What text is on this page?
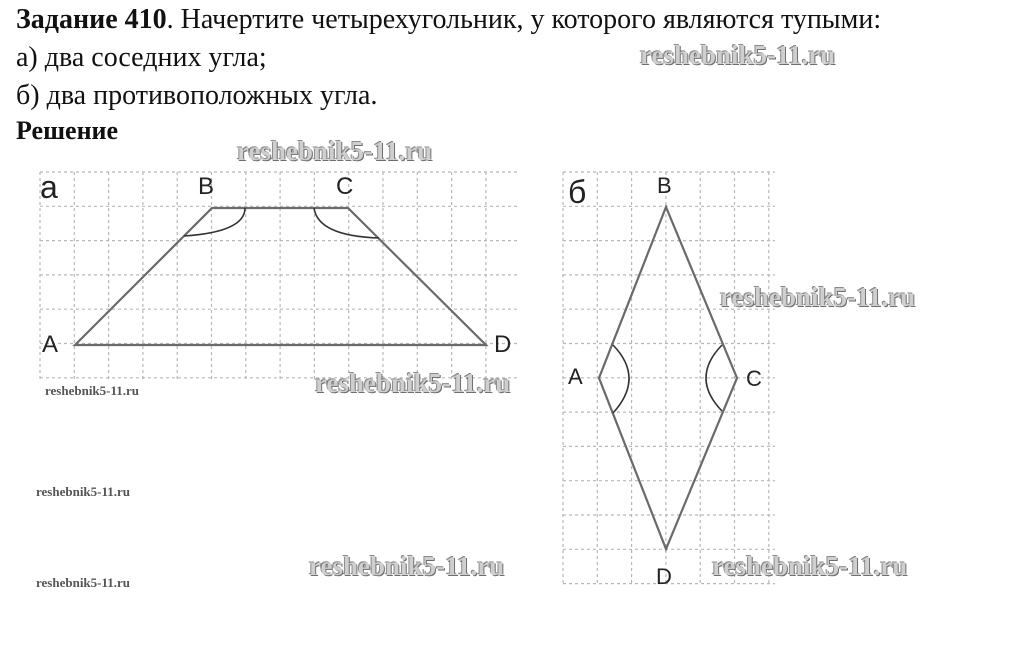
Задание 410. Начертите четырехугольник, у которого являются тупыми:
а) два соседних угла;
б) два противоположных угла.
Решение
а	B	C
A	D
б	B
A	C
D
reshebnik5-11.ru
reshebnik5-11.ru
reshebnik5-11.ru
reshebnik5-11.ru
reshebnik5-11.ru	reshebnik5-11.ru
reshebnik5-11.ru
reshebnik5-11.ru
reshebnik5-11.ru
